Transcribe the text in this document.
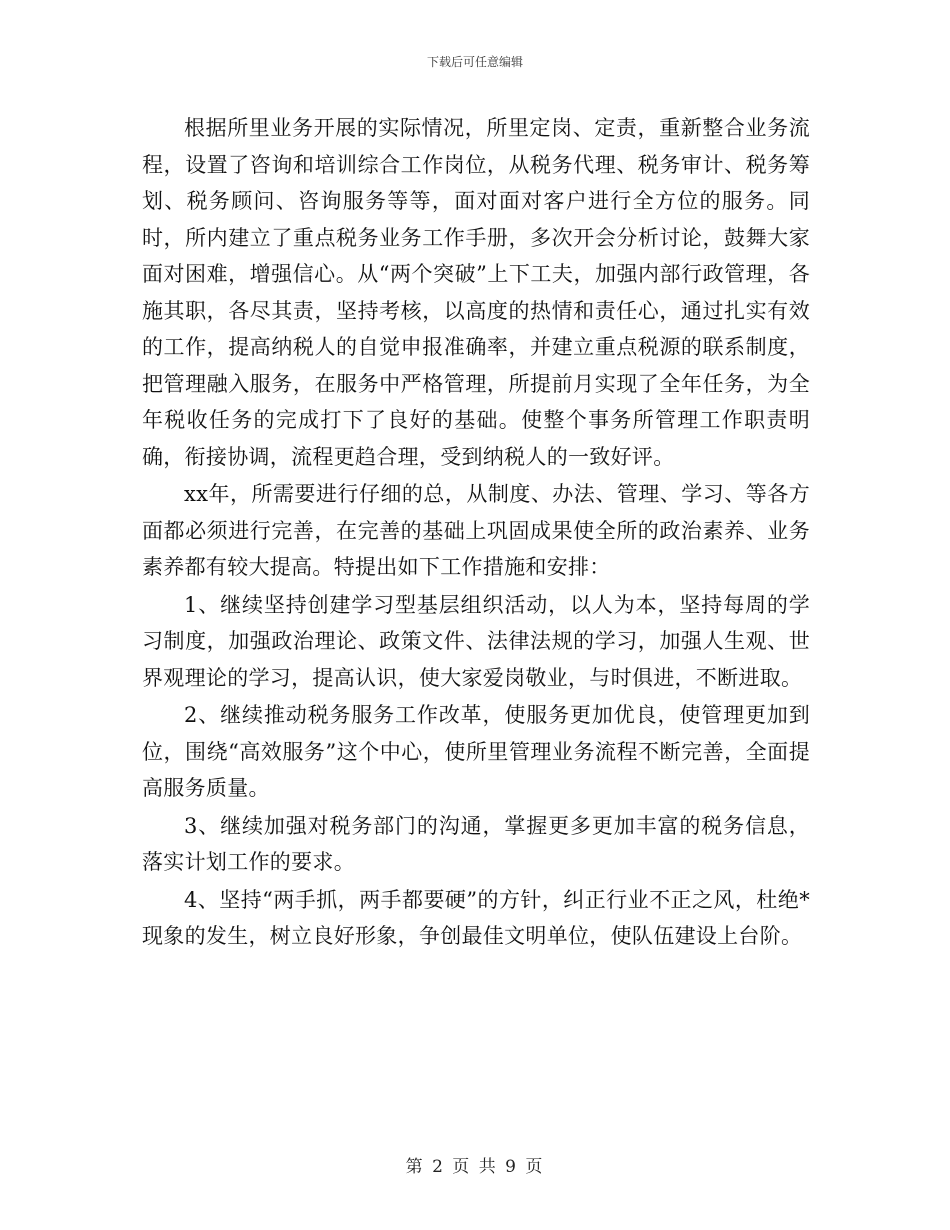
下载后可任意编辑

根据所里业务开展的实际情况，所里定岗、定责，重新整合业务流程，设置了咨询和培训综合工作岗位，从税务代理、税务审计、税务筹划、税务顾问、咨询服务等等，面对面对客户进行全方位的服务。同时，所内建立了重点税务业务工作手册，多次开会分析讨论，鼓舞大家面对困难，增强信心。从“两个突破”上下工夫，加强内部行政管理，各施其职，各尽其责，坚持考核，以高度的热情和责任心，通过扎实有效的工作，提高纳税人的自觉申报准确率，并建立重点税源的联系制度，把管理融入服务，在服务中严格管理，所提前月实现了全年任务，为全年税收任务的完成打下了良好的基础。使整个事务所管理工作职责明确，衔接协调，流程更趋合理，受到纳税人的一致好评。

xx年，所需要进行仔细的总，从制度、办法、管理、学习、等各方面都必须进行完善，在完善的基础上巩固成果使全所的政治素养、业务素养都有较大提高。特提出如下工作措施和安排：

1、继续坚持创建学习型基层组织活动，以人为本，坚持每周的学习制度，加强政治理论、政策文件、法律法规的学习，加强人生观、世界观理论的学习，提高认识，使大家爱岗敬业，与时俱进，不断进取。

2、继续推动税务服务工作改革，使服务更加优良，使管理更加到位，围绕“高效服务”这个中心，使所里管理业务流程不断完善，全面提高服务质量。

3、继续加强对税务部门的沟通，掌握更多更加丰富的税务信息，落实计划工作的要求。

4、坚持“两手抓，两手都要硬”的方针，纠正行业不正之风，杜绝*现象的发生，树立良好形象，争创最佳文明单位，使队伍建设上台阶。

第 2 页 共 9 页
